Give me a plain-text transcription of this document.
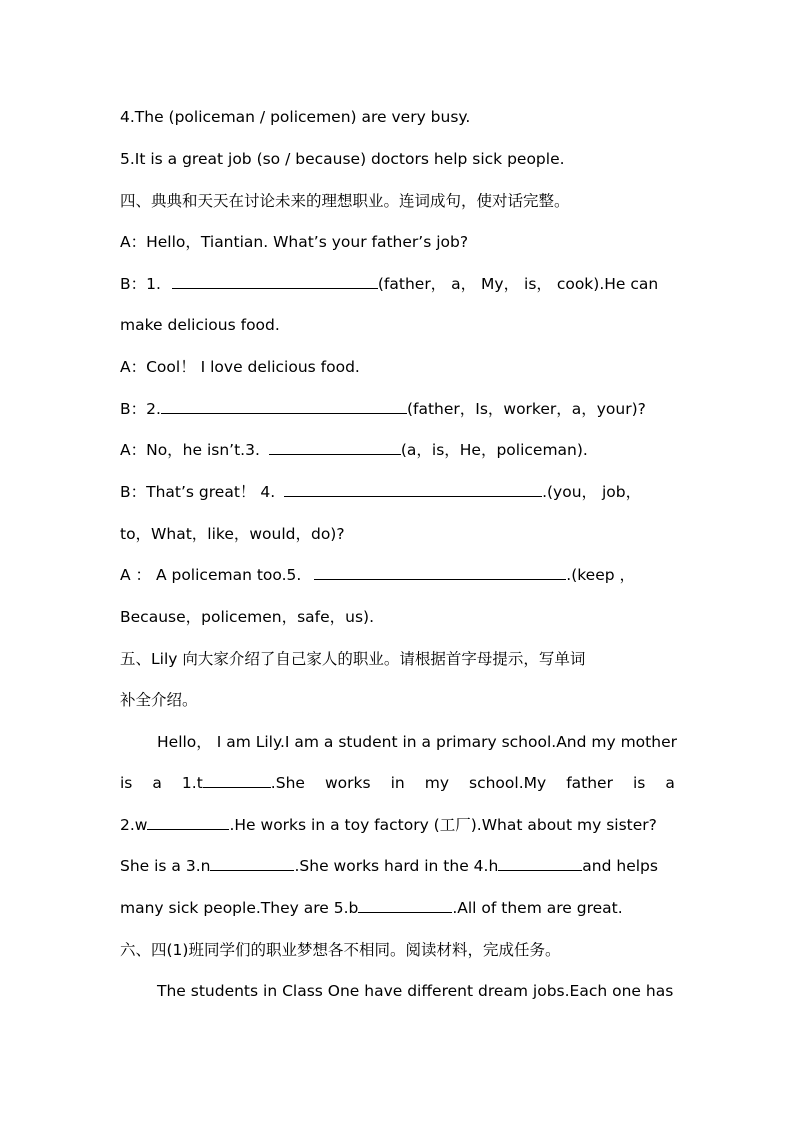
4.The (policeman / policemen) are very busy.
5.It is a great job (so / because) doctors help sick people.
四、典典和天天在讨论未来的理想职业。连词成句，使对话完整。
A：Hello，Tiantian. What’s your father’s job?
B：1.	(father， a， My， is， cook).He can
make delicious food.
A：Cool！ I love delicious food.
B：2.	(father，Is，worker，a，your)?
A：No，he isn’t.3.	(a，is，He，policeman).
B：That’s great！ 4.	.(you， job，
to，What，like，would，do)?
A ： A policeman too.5.	.(keep ，
Because，policemen，safe，us).
五、Lily 向大家介绍了自己家人的职业。请根据首字母提示，写单词
补全介绍。
Hello， I am Lily.I am a student in a primary school.And my mother
is a 1.t	.She works in my school.My father is a
2.w	.He works in a toy factory (工厂).What about my sister?
She is a 3.n	.She works hard in the 4.h	and helps
many sick people.They are 5.b	.All of them are great.
六、四(1)班同学们的职业梦想各不相同。阅读材料，完成任务。
The students in Class One have different dream jobs.Each one has
